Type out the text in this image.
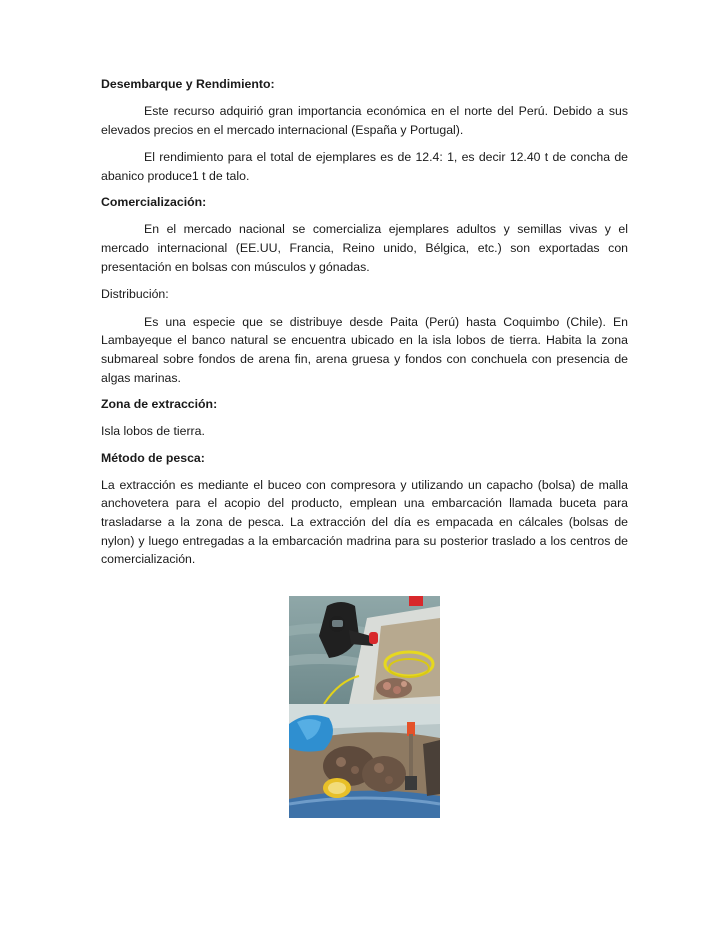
Desembarque y Rendimiento:
Este recurso adquirió gran importancia económica en el norte del Perú. Debido a sus elevados precios en el mercado internacional (España y Portugal).
El rendimiento para el total de ejemplares es de 12.4: 1, es decir 12.40 t de concha de abanico produce1 t de talo.
Comercialización:
En el mercado nacional se comercializa ejemplares adultos y semillas vivas y el mercado internacional (EE.UU, Francia, Reino unido, Bélgica, etc.) son exportadas con presentación en bolsas con músculos y gónadas.
Distribución:
Es una especie que se distribuye desde Paita (Perú) hasta Coquimbo (Chile). En Lambayeque el banco natural se encuentra ubicado en la isla lobos de tierra. Habita la zona submareal sobre fondos de arena fin, arena gruesa y fondos con conchuela con presencia de algas marinas.
Zona de extracción:
Isla lobos de tierra.
Método de pesca:
La extracción es mediante el buceo con compresora y utilizando un capacho (bolsa) de malla anchovetera para el acopio del producto, emplean una embarcación llamada buceta para trasladarse a la zona de pesca. La extracción del día es empacada en cálcales (bolsas de nylon) y luego entregadas a la embarcación madrina para su posterior traslado a los centros de comercialización.
